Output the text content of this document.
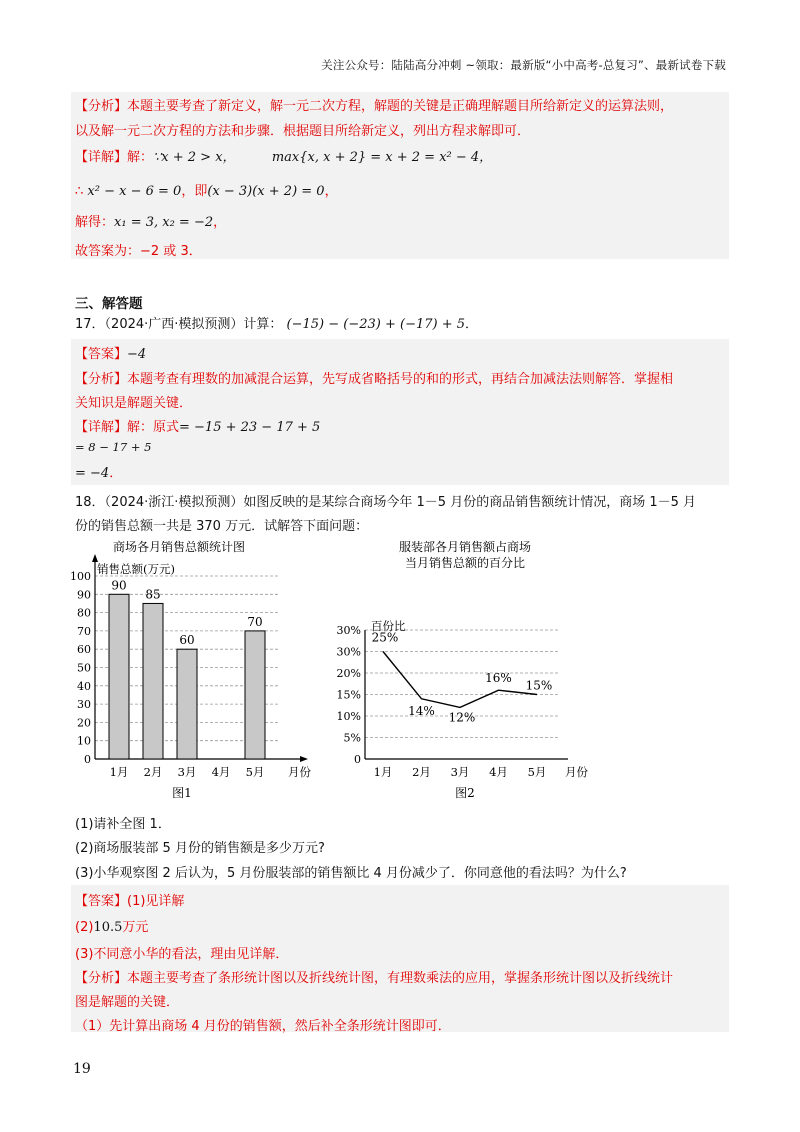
关注公众号：陆陆高分冲刺 ~领取：最新版“小中高考-总复习”、最新试卷下载
【分析】本题主要考查了新定义，解一元二次方程，解题的关键是正确理解题目所给新定义的运算法则，
以及解一元二次方程的方法和步骤．根据题目所给新定义，列出方程求解即可．
【详解】解：∵x + 2 > x，	max{x, x + 2} = x + 2 = x² − 4，
∴ x² − x − 6 = 0，即(x − 3)(x + 2) = 0，
解得：x₁ = 3, x₂ = −2，
故答案为：−2 或 3．
三、解答题
17．（2024·广西·模拟预测）计算： (−15) − (−23) + (−17) + 5．
【答案】−4
【分析】本题考查有理数的加减混合运算，先写成省略括号的和的形式，再结合加减法法则解答．掌握相
关知识是解题关键．
【详解】解：原式= −15 + 23 − 17 + 5
= 8 − 17 + 5
= −4．
18．（2024·浙江·模拟预测）如图反映的是某综合商场今年 1－5 月份的商品销售额统计情况，商场 1－5 月
份的销售总额一共是 370 万元．试解答下面问题：
商场各月销售总额统计图
0
10
20
30
40
50
60
70
80
90
100
销售总额(万元)
月份
90
1月
85
2月
60
3月 4月
70
5月
图1
服装部各月销售额占商场
当月销售总额的百分比
0
5%
10%
15%
20%
30%
30% 百份比
月份
25%
1月
14%
2月
12%
3月
16%
4月
15%
5月
图2
(1)请补全图 1．
(2)商场服装部 5 月份的销售额是多少万元?
(3)小华观察图 2 后认为，5 月份服装部的销售额比 4 月份减少了．你同意他的看法吗？为什么?
【答案】(1)见详解
(2)10.5万元
(3)不同意小华的看法，理由见详解．
【分析】本题主要考查了条形统计图以及折线统计图，有理数乘法的应用，掌握条形统计图以及折线统计
图是解题的关键．
（1）先计算出商场 4 月份的销售额，然后补全条形统计图即可．
19
